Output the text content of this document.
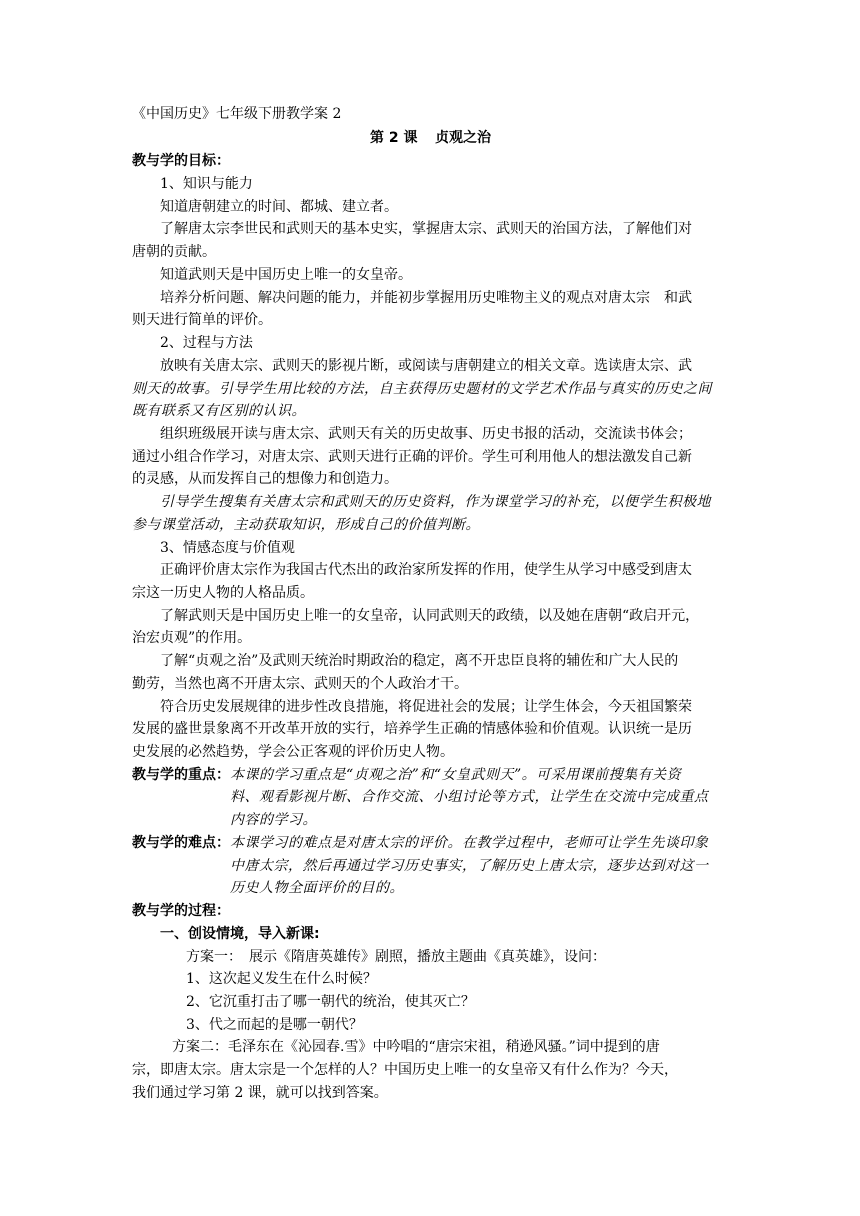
《中国历史》七年级下册教学案 2
第 2 课 贞观之治
教与学的目标：
1、知识与能力
知道唐朝建立的时间、都城、建立者。
了解唐太宗李世民和武则天的基本史实，掌握唐太宗、武则天的治国方法，了解他们对
唐朝的贡献。
知道武则天是中国历史上唯一的女皇帝。
培养分析问题、解决问题的能力，并能初步掌握用历史唯物主义的观点对唐太宗　和武
则天进行简单的评价。
2、过程与方法
放映有关唐太宗、武则天的影视片断，或阅读与唐朝建立的相关文章。选读唐太宗、武
则天的故事。引导学生用比较的方法，自主获得历史题材的文学艺术作品与真实的历史之间
既有联系又有区别的认识。
组织班级展开读与唐太宗、武则天有关的历史故事、历史书报的活动，交流读书体会；
通过小组合作学习，对唐太宗、武则天进行正确的评价。学生可利用他人的想法激发自己新
的灵感，从而发挥自己的想像力和创造力。
引导学生搜集有关唐太宗和武则天的历史资料，作为课堂学习的补充，以便学生积极地
参与课堂活动，主动获取知识，形成自己的价值判断。
3、情感态度与价值观
正确评价唐太宗作为我国古代杰出的政治家所发挥的作用，使学生从学习中感受到唐太
宗这一历史人物的人格品质。
了解武则天是中国历史上唯一的女皇帝，认同武则天的政绩，以及她在唐朝“政启开元，
治宏贞观”的作用。
了解“贞观之治”及武则天统治时期政治的稳定，离不开忠臣良将的辅佐和广大人民的
勤劳，当然也离不开唐太宗、武则天的个人政治才干。
符合历史发展规律的进步性改良措施，将促进社会的发展；让学生体会，今天祖国繁荣
发展的盛世景象离不开改革开放的实行，培养学生正确的情感体验和价值观。认识统一是历
史发展的必然趋势，学会公正客观的评价历史人物。
教与学的重点： 本课的学习重点是“贞观之治”和“女皇武则天”。可采用课前搜集有关资
料、观看影视片断、合作交流、小组讨论等方式，让学生在交流中完成重点
内容的学习。
教与学的难点： 本课学习的难点是对唐太宗的评价。在教学过程中，老师可让学生先谈印象
中唐太宗，然后再通过学习历史事实，了解历史上唐太宗，逐步达到对这一
历史人物全面评价的目的。
教与学的过程：
一、创设情境，导入新课:
方案一：　展示《隋唐英雄传》剧照，播放主题曲《真英雄》，设问：
1、这次起义发生在什么时候？
2、它沉重打击了哪一朝代的统治，使其灭亡？
3、代之而起的是哪一朝代？
方案二：毛泽东在《沁园春.雪》中吟唱的“唐宗宋祖，稍逊风骚。”词中提到的唐
宗，即唐太宗。唐太宗是一个怎样的人？中国历史上唯一的女皇帝又有什么作为？今天，
我们通过学习第 2 课，就可以找到答案。
